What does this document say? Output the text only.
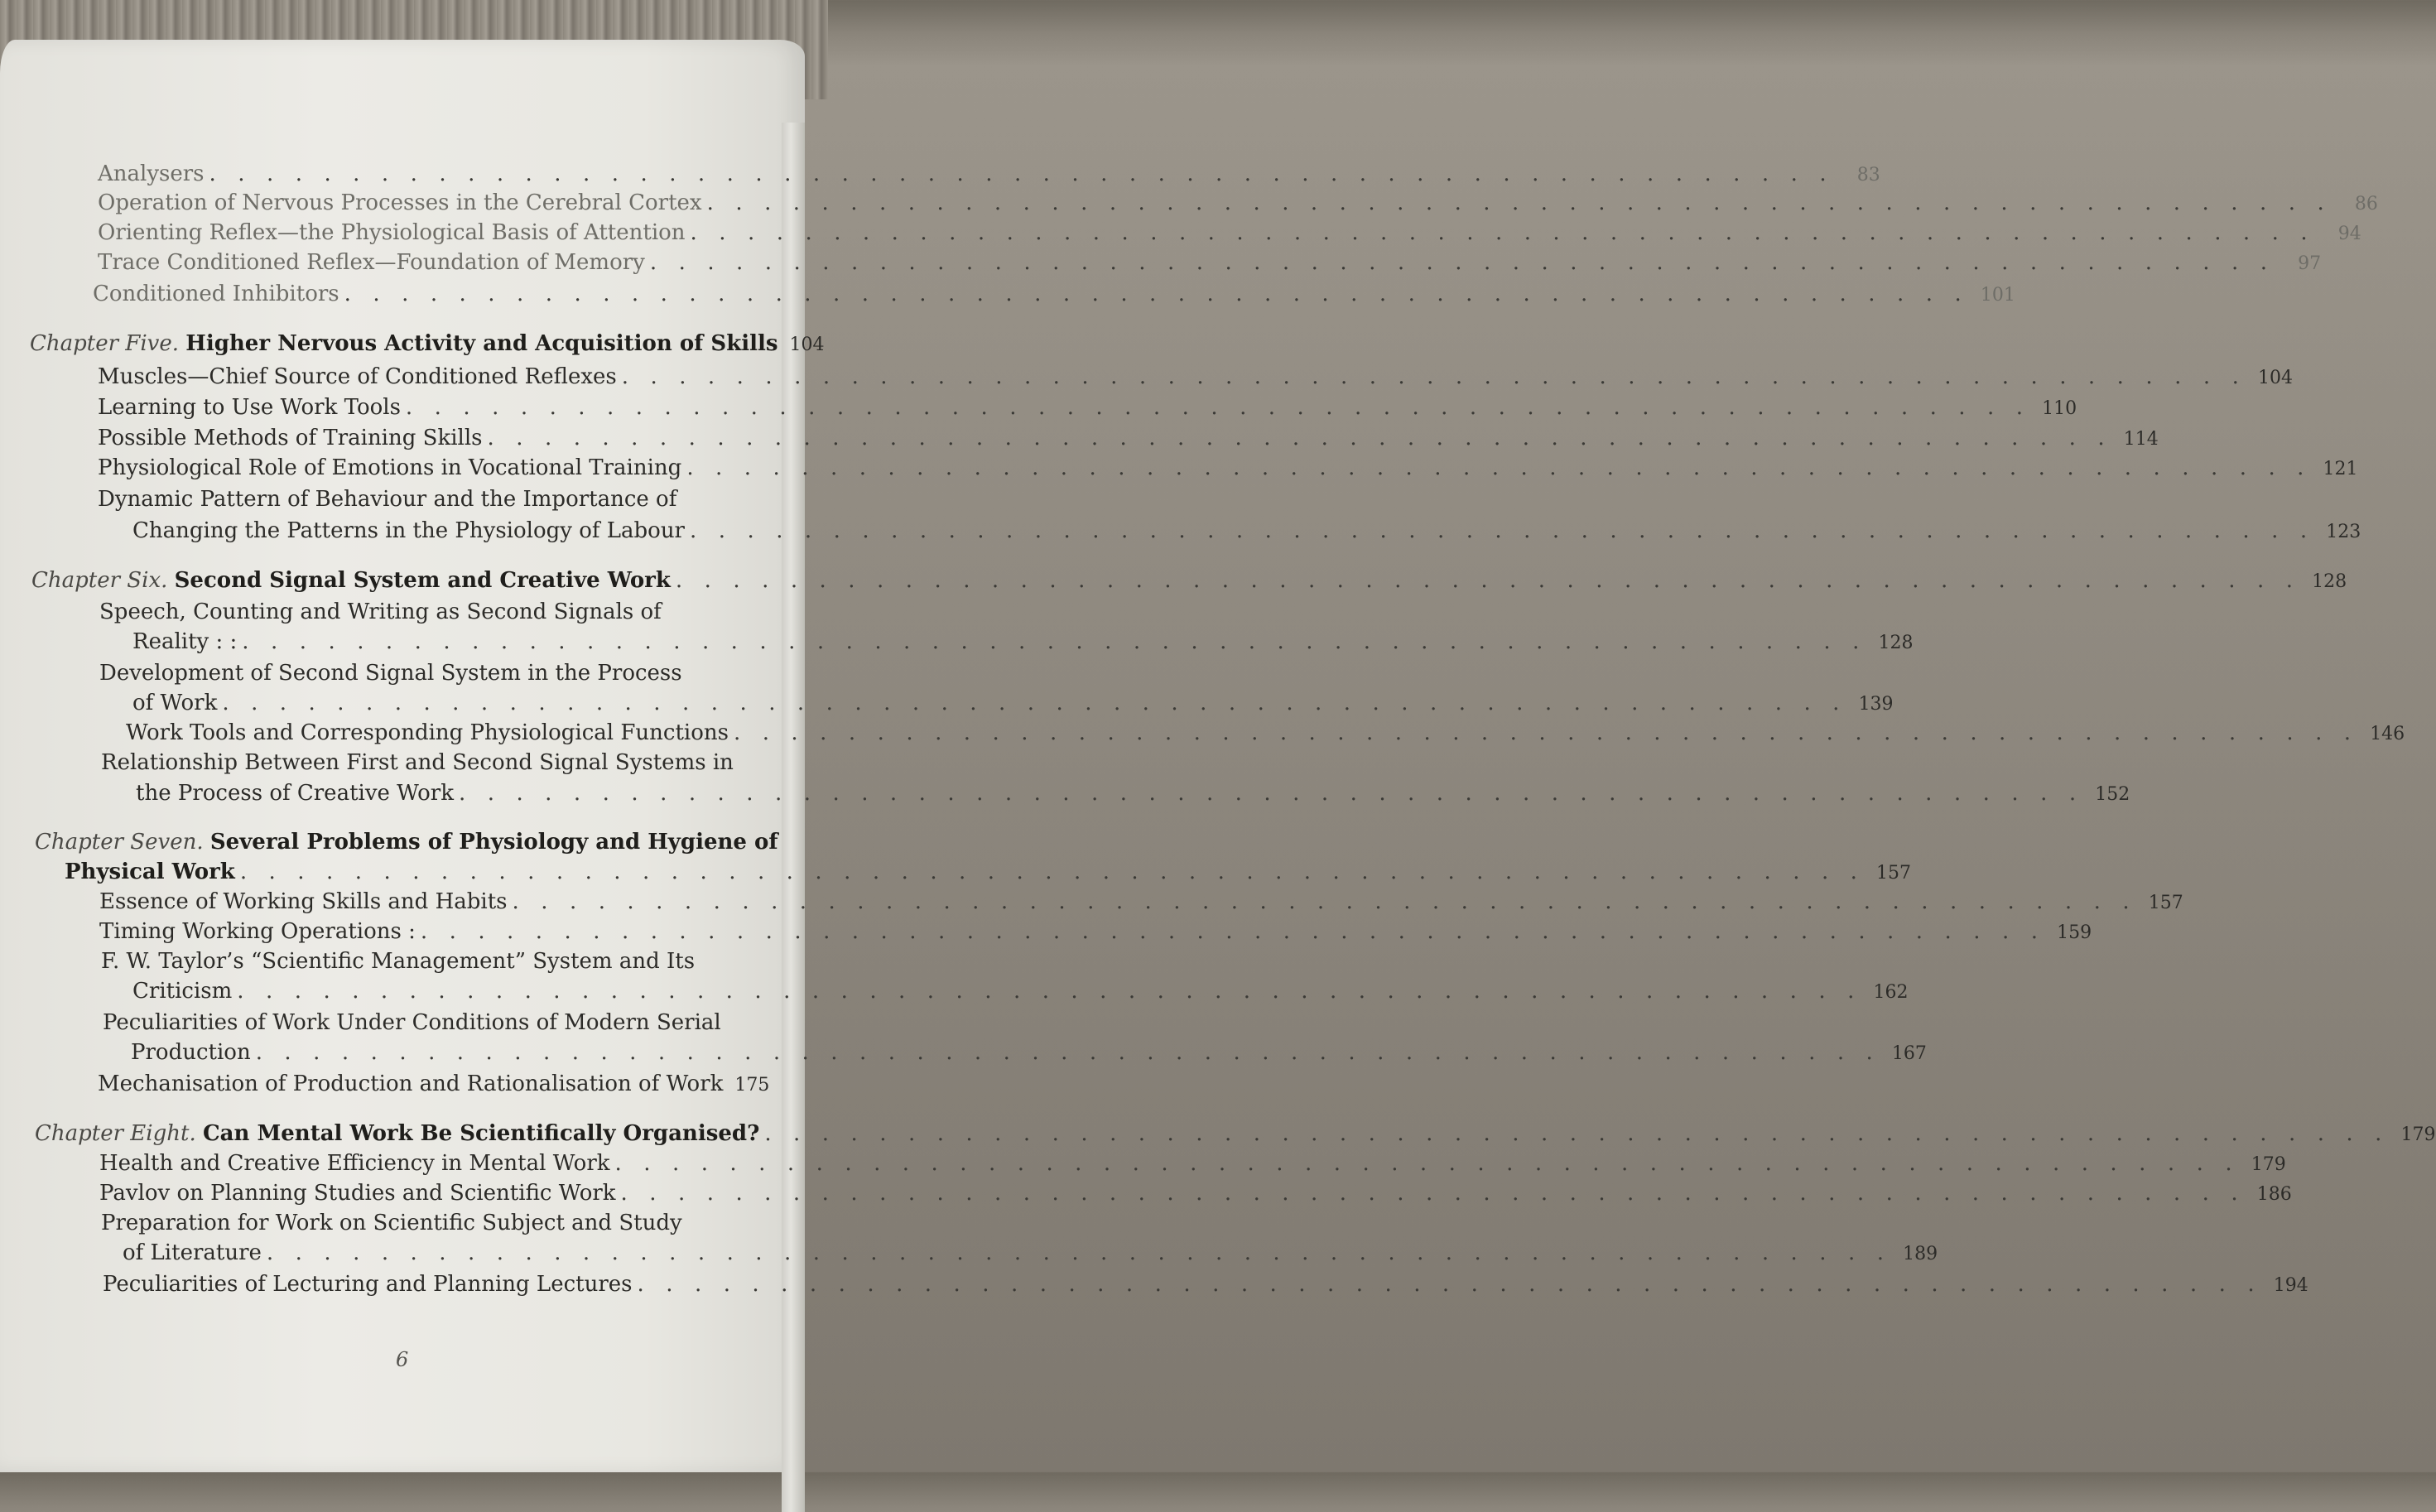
Analysers . . .	83
Operation of Nervous Processes in the Cerebral Cortex . . .	86
Orienting Reflex—the Physiological Basis of Attention . . .	94
Trace Conditioned Reflex—Foundation of Memory . . .	97
Conditioned Inhibitors . . .	101
Chapter Five.
Higher Nervous Activity and Acquisition of Skills 104
Muscles—Chief Source of Conditioned Reflexes . . .	104
Learning to Use Work Tools . . .	110
Possible Methods of Training Skills . . .	114
Physiological Role of Emotions in Vocational Training . . .	121
Dynamic Pattern of Behaviour and the Importance of
Changing the Patterns in the Physiology of Labour . . .	123
Chapter Six.
Second Signal System and Creative Work . . .	128
Speech, Counting and Writing as Second Signals of
Reality : : . . .	128
Development of Second Signal System in the Process
of Work . . .	139
Work Tools and Corresponding Physiological Functions . . .	146
Relationship Between First and Second Signal Systems in
the Process of Creative Work . . .	152
Chapter Seven.
Several Problems of Physiology and Hygiene of
Physical Work . . .	157
Essence of Working Skills and Habits . . .	157
Timing Working Operations : . . .	159
F. W. Taylor’s “Scientific Management” System and Its
Criticism . . .	162
Peculiarities of Work Under Conditions of Modern Serial
Production . . .	167
Mechanisation of Production and Rationalisation of Work 175
Chapter Eight.
Can Mental Work Be Scientifically Organised? . . .	179
Health and Creative Efficiency in Mental Work . . .	179
Pavlov on Planning Studies and Scientific Work . . .	186
Preparation for Work on Scientific Subject and Study
of Literature . . .	189
Peculiarities of Lecturing and Planning Lectures . . .	194
6
